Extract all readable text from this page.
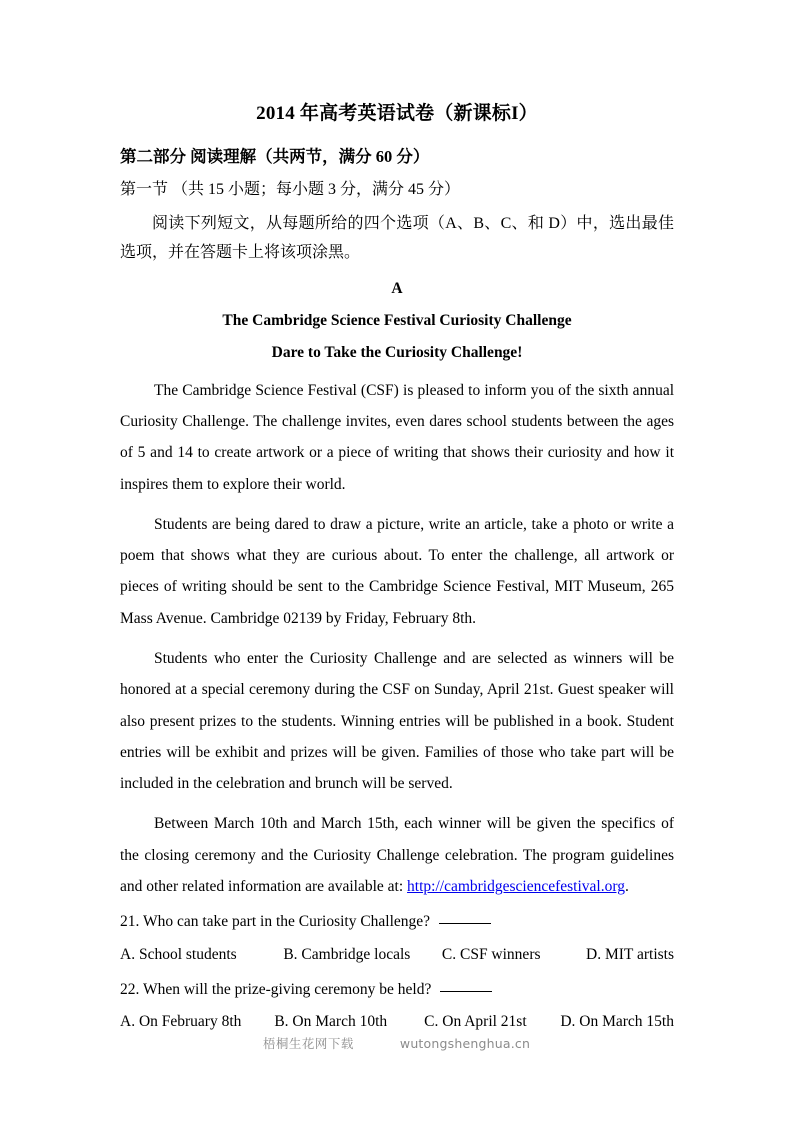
2014 年高考英语试卷（新课标I）
第二部分 阅读理解（共两节，满分 60 分）
第一节 （共 15 小题；每小题 3 分，满分 45 分）

阅读下列短文，从每题所给的四个选项（A、B、C、和 D）中，选出最佳选项，并在答题卡上将该项涂黑。

A
The Cambridge Science Festival Curiosity Challenge
Dare to Take the Curiosity Challenge!

The Cambridge Science Festival (CSF) is pleased to inform you of the sixth annual Curiosity Challenge. The challenge invites, even dares school students between the ages of 5 and 14 to create artwork or a piece of writing that shows their curiosity and how it inspires them to explore their world.

Students are being dared to draw a picture, write an article, take a photo or write a poem that shows what they are curious about. To enter the challenge, all artwork or pieces of writing should be sent to the Cambridge Science Festival, MIT Museum, 265 Mass Avenue. Cambridge 02139 by Friday, February 8th.

Students who enter the Curiosity Challenge and are selected as winners will be honored at a special ceremony during the CSF on Sunday, April 21st. Guest speaker will also present prizes to the students. Winning entries will be published in a book. Student entries will be exhibit and prizes will be given. Families of those who take part will be included in the celebration and brunch will be served.

Between March 10th and March 15th, each winner will be given the specifics of the closing ceremony and the Curiosity Challenge celebration. The program guidelines and other related information are available at: http://cambridgesciencefestival.org.

21. Who can take part in the Curiosity Challenge?

A. School students	B. Cambridge locals	C. CSF winners	D. MIT artists

22. When will the prize-giving ceremony be held?

A. On February 8th	B. On March 10th	C. On April 21st	D. On March 15th
梧桐生花网下载	wutongshenghua.cn
